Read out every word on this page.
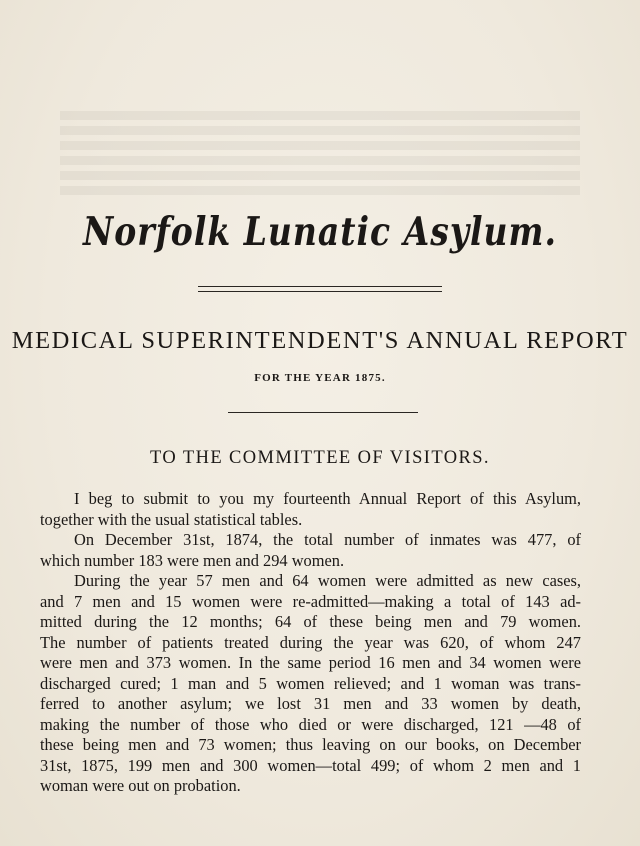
Norfolk Lunatic Asylum.
MEDICAL SUPERINTENDENT'S ANNUAL REPORT
FOR THE YEAR 1875.
TO THE COMMITTEE OF VISITORS.
I beg to submit to you my fourteenth Annual Report of this Asylum,
together with the usual statistical tables.
On December 31st, 1874, the total number of inmates was 477, of
which number 183 were men and 294 women.
During the year 57 men and 64 women were admitted as new cases,
and 7 men and 15 women were re-admitted—making a total of 143 ad-
mitted during the 12 months; 64 of these being men and 79 women.
The number of patients treated during the year was 620, of whom 247
were men and 373 women. In the same period 16 men and 34 women were
discharged cured; 1 man and 5 women relieved; and 1 woman was trans-
ferred to another asylum; we lost 31 men and 33 women by death,
making the number of those who died or were discharged, 121 —48 of
these being men and 73 women; thus leaving on our books, on December
31st, 1875, 199 men and 300 women—total 499; of whom 2 men and 1
woman were out on probation.
